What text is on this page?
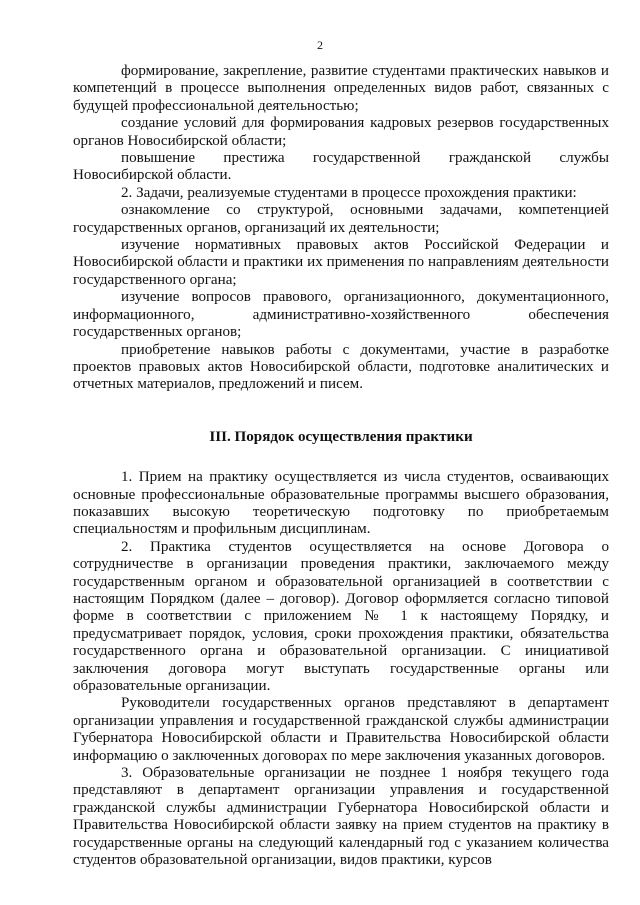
2

формирование, закрепление, развитие студентами практических навыков и компетенций в процессе выполнения определенных видов работ, связанных с будущей профессиональной деятельностью;

создание условий для формирования кадровых резервов государственных органов Новосибирской области;

повышение престижа государственной гражданской службы Новосибирской области.

2. Задачи, реализуемые студентами в процессе прохождения практики:

ознакомление со структурой, основными задачами, компетенцией государственных органов, организаций их деятельности;

изучение нормативных правовых актов Российской Федерации и Новосибирской области и практики их применения по направлениям деятельности государственного органа;

изучение вопросов правового, организационного, документационного, информационного, административно-хозяйственного обеспечения государственных органов;

приобретение навыков работы с документами, участие в разработке проектов правовых актов Новосибирской области, подготовке аналитических и отчетных материалов, предложений и писем.

III. Порядок осуществления практики

1. Прием на практику осуществляется из числа студентов, осваивающих основные профессиональные образовательные программы высшего образования, показавших высокую теоретическую подготовку по приобретаемым специальностям и профильным дисциплинам.

2. Практика студентов осуществляется на основе Договора о сотрудничестве в организации проведения практики, заключаемого между государственным органом и образовательной организацией в соответствии с настоящим Порядком (далее – договор). Договор оформляется согласно типовой форме в соответствии с приложением № 1 к настоящему Порядку, и предусматривает порядок, условия, сроки прохождения практики, обязательства государственного органа и образовательной организации. С инициативой заключения договора могут выступать государственные органы или образовательные организации.

Руководители государственных органов представляют в департамент организации управления и государственной гражданской службы администрации Губернатора Новосибирской области и Правительства Новосибирской области информацию о заключенных договорах по мере заключения указанных договоров.

3. Образовательные организации не позднее 1 ноября текущего года представляют в департамент организации управления и государственной гражданской службы администрации Губернатора Новосибирской области и Правительства Новосибирской области заявку на прием студентов на практику в государственные органы на следующий календарный год с указанием количества студентов образовательной организации, видов практики, курсов
